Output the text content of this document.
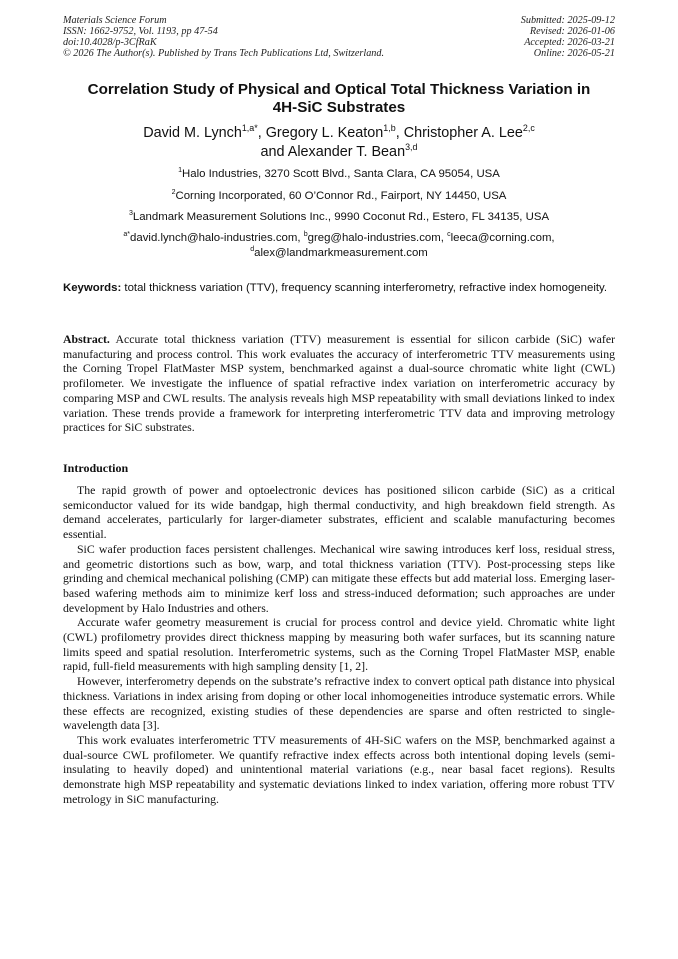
Materials Science Forum
ISSN: 1662-9752, Vol. 1193, pp 47-54
doi:10.4028/p-3CfRaK
© 2026 The Author(s). Published by Trans Tech Publications Ltd, Switzerland.
Submitted: 2025-09-12
Revised: 2026-01-06
Accepted: 2026-03-21
Online: 2026-05-21
Correlation Study of Physical and Optical Total Thickness Variation in
4H-SiC Substrates
David M. Lynch$^{1,a*}$, Gregory L. Keaton$^{1,b}$, Christopher A. Lee$^{2,c}$
and Alexander T. Bean$^{3,d}$
$^1$Halo Industries, 3270 Scott Blvd., Santa Clara, CA 95054, USA
$^2$Corning Incorporated, 60 O’Connor Rd., Fairport, NY 14450, USA
$^3$Landmark Measurement Solutions Inc., 9990 Coconut Rd., Estero, FL 34135, USA
$^{a*}$david.lynch@halo-industries.com, $^b$greg@halo-industries.com, $^c$leeca@corning.com,
$^d$alex@landmarkmeasurement.com
Keywords: total thickness variation (TTV), frequency scanning interferometry, refractive index homogeneity.
Abstract. Accurate total thickness variation (TTV) measurement is essential for silicon carbide (SiC) wafer manufacturing and process control. This work evaluates the accuracy of interferometric TTV measurements using the Corning Tropel FlatMaster MSP system, benchmarked against a dual-source chromatic white light (CWL) profilometer. We investigate the influence of spatial refractive index variation on interferometric accuracy by comparing MSP and CWL results. The analysis reveals high MSP repeatability with small deviations linked to index variation. These trends provide a framework for interpreting interferometric TTV data and improving metrology practices for SiC substrates.
Introduction

The rapid growth of power and optoelectronic devices has positioned silicon carbide (SiC) as a critical semiconductor valued for its wide bandgap, high thermal conductivity, and high breakdown field strength. As demand accelerates, particularly for larger-diameter substrates, efficient and scalable manufacturing becomes essential.

SiC wafer production faces persistent challenges. Mechanical wire sawing introduces kerf loss, residual stress, and geometric distortions such as bow, warp, and total thickness variation (TTV). Post-processing steps like grinding and chemical mechanical polishing (CMP) can mitigate these effects but add material loss. Emerging laser-based wafering methods aim to minimize kerf loss and stress-induced deformation; such approaches are under development by Halo Industries and others.

Accurate wafer geometry measurement is crucial for process control and device yield. Chromatic white light (CWL) profilometry provides direct thickness mapping by measuring both wafer surfaces, but its scanning nature limits speed and spatial resolution. Interferometric systems, such as the Corning Tropel FlatMaster MSP, enable rapid, full-field measurements with high sampling density [1, 2].

However, interferometry depends on the substrate’s refractive index to convert optical path distance into physical thickness. Variations in index arising from doping or other local inhomogeneities introduce systematic errors. While these effects are recognized, existing studies of these dependencies are sparse and often restricted to single-wavelength data [3].

This work evaluates interferometric TTV measurements of 4H-SiC wafers on the MSP, benchmarked against a dual-source CWL profilometer. We quantify refractive index effects across both intentional doping levels (semi-insulating to heavily doped) and unintentional material variations (e.g., near basal facet regions). Results demonstrate high MSP repeatability and systematic deviations linked to index variation, offering more robust TTV metrology in SiC manufacturing.
